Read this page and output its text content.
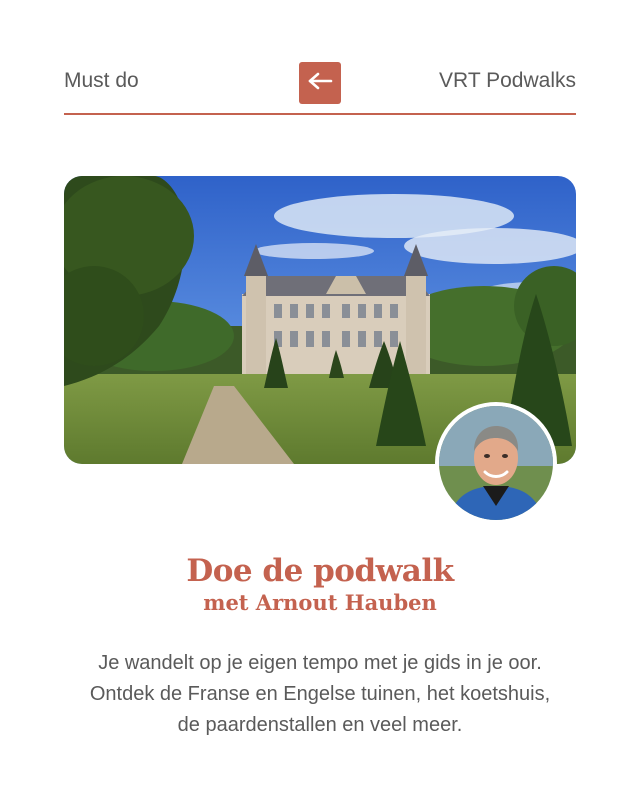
Must do	VRT Podwalks
Doe de podwalk
met Arnout Hauben
Je wandelt op je eigen tempo met je gids in je oor. Ontdek de Franse en Engelse tuinen, het koetshuis, de paardenstallen en veel meer.
